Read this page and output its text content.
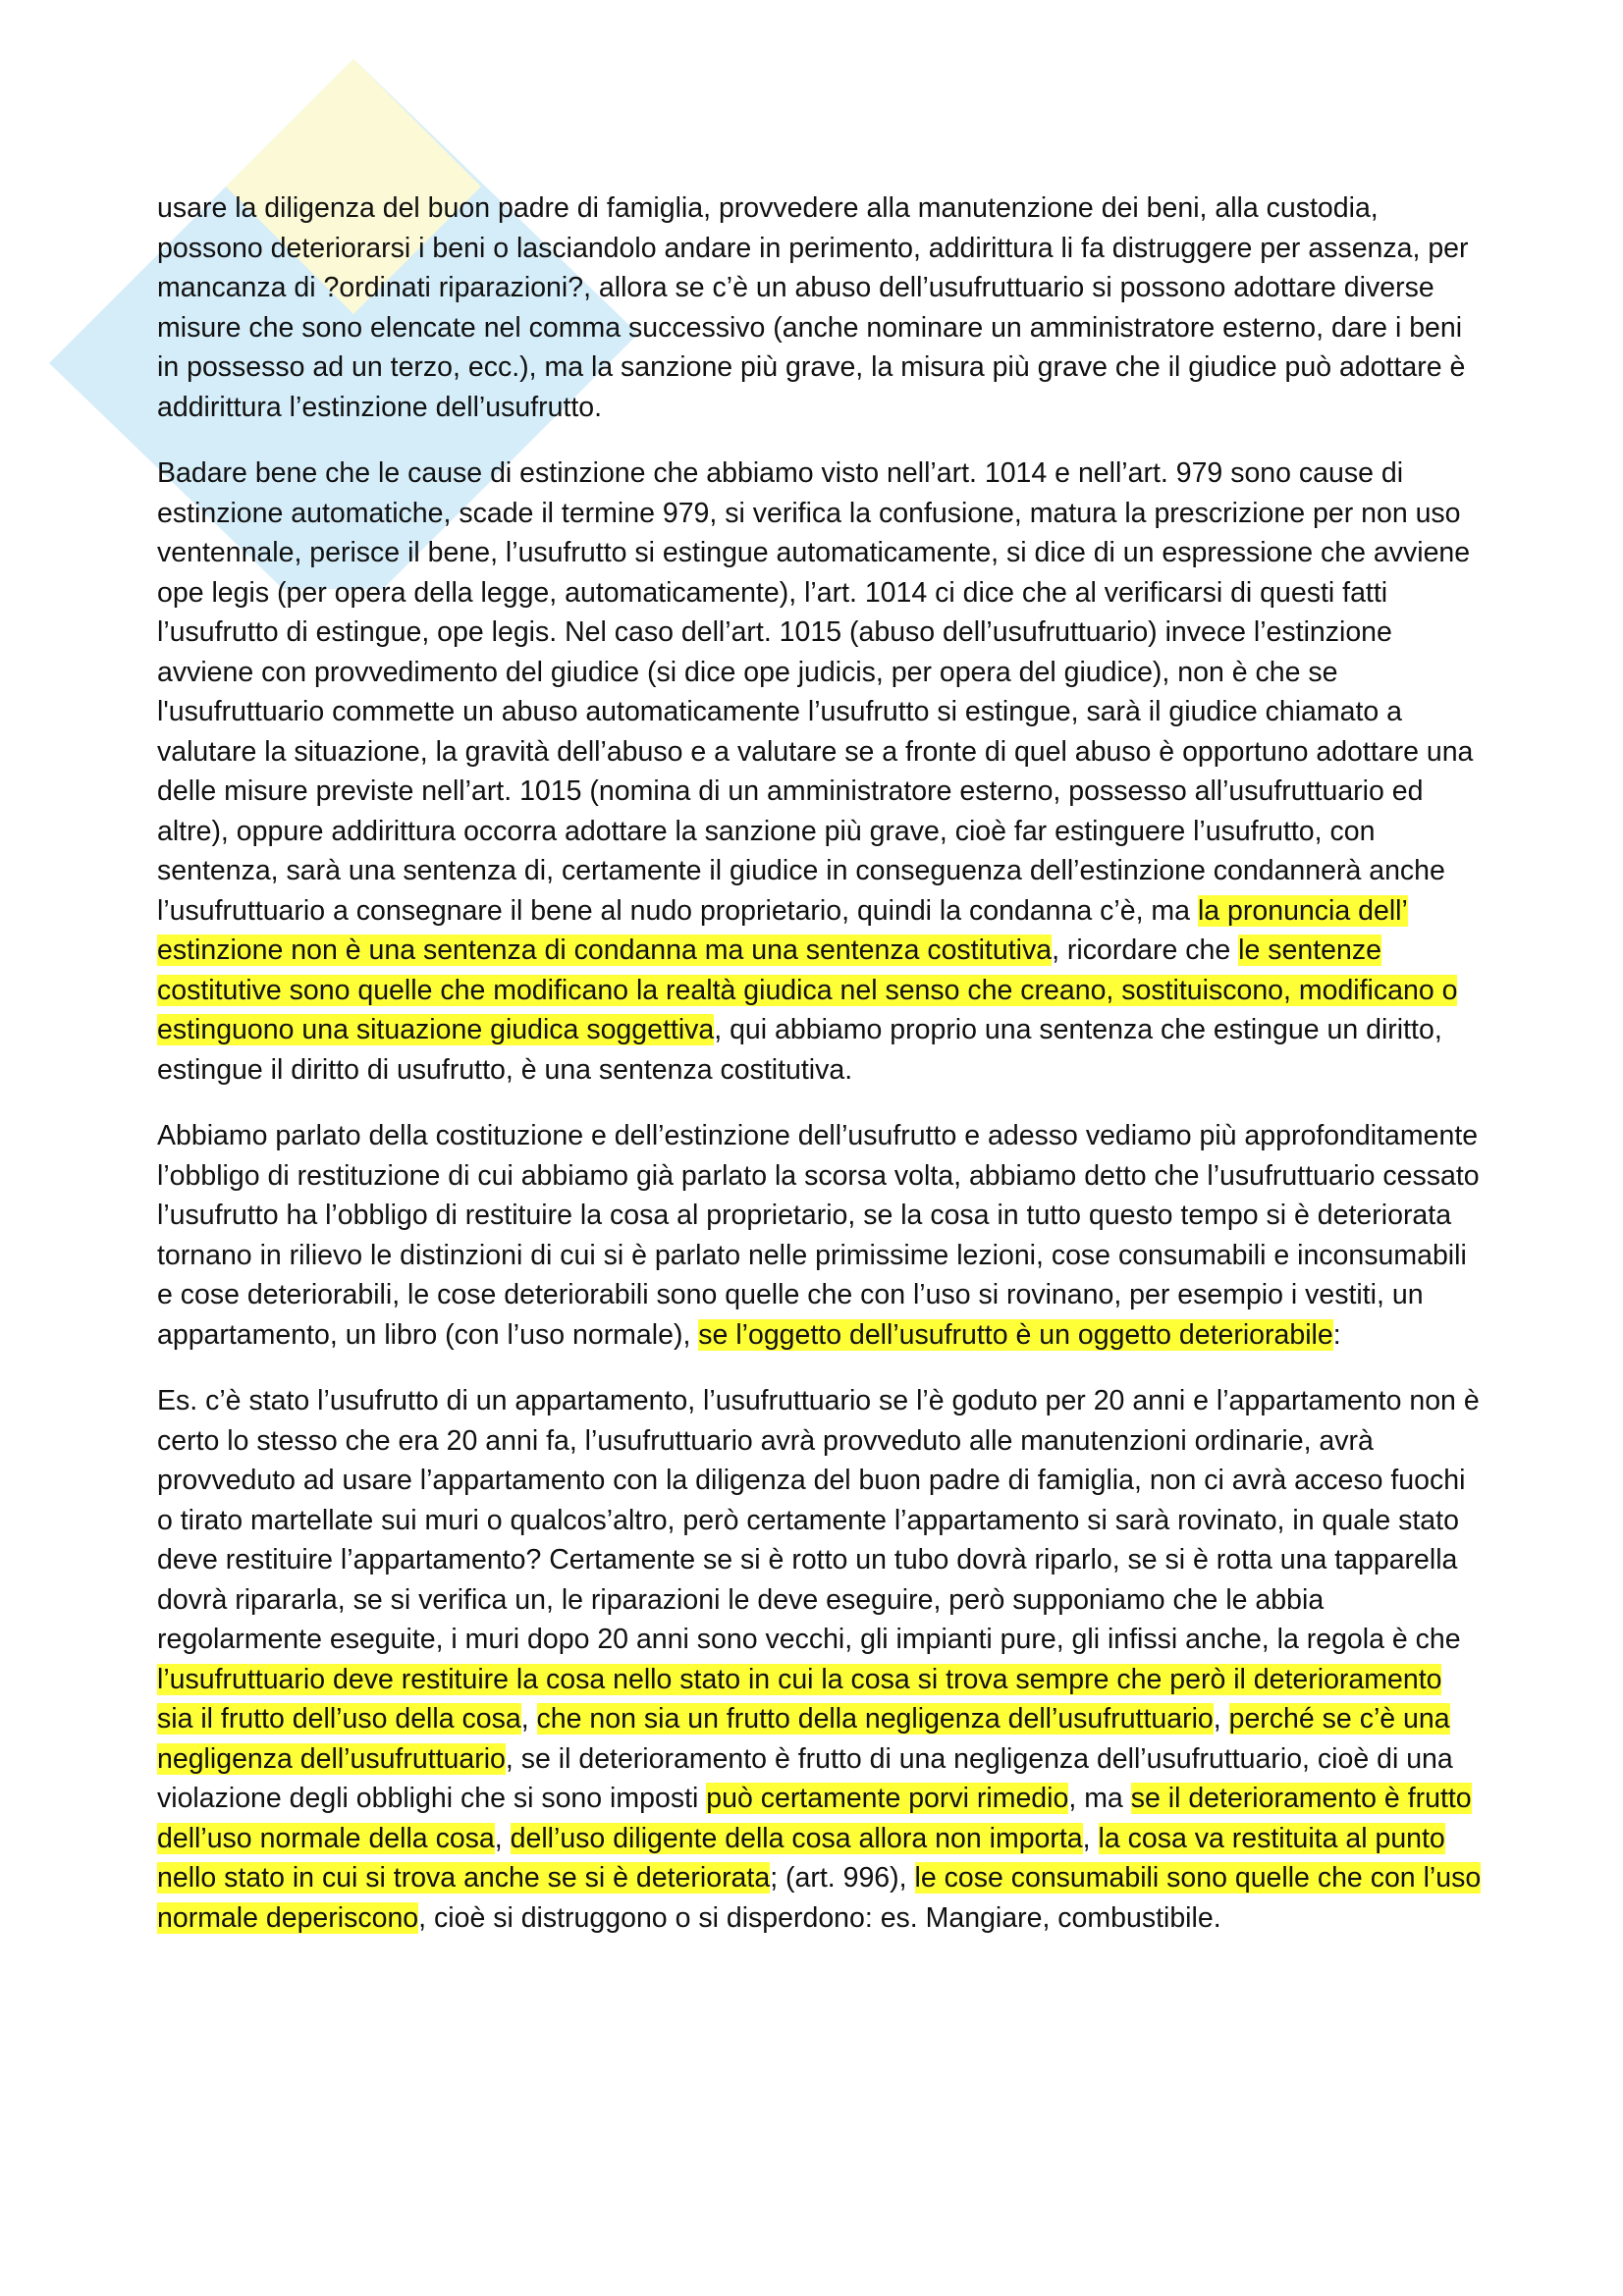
usare la diligenza del buon padre di famiglia, provvedere alla manutenzione dei beni, alla custodia, possono deteriorarsi i beni o lasciandolo andare in perimento, addirittura li fa distruggere per assenza, per mancanza di ?ordinati riparazioni?, allora se c’è un abuso dell’usufruttuario si possono adottare diverse misure che sono elencate nel comma successivo (anche nominare un amministratore esterno, dare i beni in possesso ad un terzo, ecc.), ma la sanzione più grave, la misura più grave che il giudice può adottare è addirittura l’estinzione dell’usufrutto.

Badare bene che le cause di estinzione che abbiamo visto nell’art. 1014 e nell’art. 979 sono cause di estinzione automatiche, scade il termine 979, si verifica la confusione, matura la prescrizione per non uso ventennale, perisce il bene, l’usufrutto si estingue automaticamente, si dice di un espressione che avviene ope legis (per opera della legge, automaticamente), l’art. 1014 ci dice che al verificarsi di questi fatti l’usufrutto di estingue, ope legis. Nel caso dell’art. 1015 (abuso dell’usufruttuario) invece l’estinzione avviene con provvedimento del giudice (si dice ope judicis, per opera del giudice), non è che se l'usufruttuario commette un abuso automaticamente l’usufrutto si estingue, sarà il giudice chiamato a valutare la situazione, la gravità dell’abuso e a valutare se a fronte di quel abuso è opportuno adottare una delle misure previste nell’art. 1015 (nomina di un amministratore esterno, possesso all’usufruttuario ed altre), oppure addirittura occorra adottare la sanzione più grave, cioè far estinguere l’usufrutto, con sentenza, sarà una sentenza di, certamente il giudice in conseguenza dell’estinzione condannerà anche l’usufruttuario a consegnare il bene al nudo proprietario, quindi la condanna c’è, ma la pronuncia dell’ estinzione non è una sentenza di condanna ma una sentenza costitutiva, ricordare che le sentenze costitutive sono quelle che modificano la realtà giudica nel senso che creano, sostituiscono, modificano o estinguono una situazione giudica soggettiva, qui abbiamo proprio una sentenza che estingue un diritto, estingue il diritto di usufrutto, è una sentenza costitutiva.

Abbiamo parlato della costituzione e dell’estinzione dell’usufrutto e adesso vediamo più approfonditamente l’obbligo di restituzione di cui abbiamo già parlato la scorsa volta, abbiamo detto che l’usufruttuario cessato l’usufrutto ha l’obbligo di restituire la cosa al proprietario, se la cosa in tutto questo tempo si è deteriorata tornano in rilievo le distinzioni di cui si è parlato nelle primissime lezioni, cose consumabili e inconsumabili e cose deteriorabili, le cose deteriorabili sono quelle che con l’uso si rovinano, per esempio i vestiti, un appartamento, un libro (con l’uso normale), se l’oggetto dell’usufrutto è un oggetto deteriorabile:

Es. c’è stato l’usufrutto di un appartamento, l’usufruttuario se l’è goduto per 20 anni e l’appartamento non è certo lo stesso che era 20 anni fa, l’usufruttuario avrà provveduto alle manutenzioni ordinarie, avrà provveduto ad usare l’appartamento con la diligenza del buon padre di famiglia, non ci avrà acceso fuochi o tirato martellate sui muri o qualcos’altro, però certamente l’appartamento si sarà rovinato, in quale stato deve restituire l’appartamento? Certamente se si è rotto un tubo dovrà riparlo, se si è rotta una tapparella dovrà ripararla, se si verifica un, le riparazioni le deve eseguire, però supponiamo che le abbia regolarmente eseguite, i muri dopo 20 anni sono vecchi, gli impianti pure, gli infissi anche, la regola è che l’usufruttuario deve restituire la cosa nello stato in cui la cosa si trova sempre che però il deterioramento sia il frutto dell’uso della cosa, che non sia un frutto della negligenza dell’usufruttuario, perché se c’è una negligenza dell’usufruttuario, se il deterioramento è frutto di una negligenza dell’usufruttuario, cioè di una violazione degli obblighi che si sono imposti può certamente porvi rimedio, ma se il deterioramento è frutto dell’uso normale della cosa, dell’uso diligente della cosa allora non importa, la cosa va restituita al punto nello stato in cui si trova anche se si è deteriorata; (art. 996), le cose consumabili sono quelle che con l’uso normale deperiscono, cioè si distruggono o si disperdono: es. Mangiare, combustibile.
